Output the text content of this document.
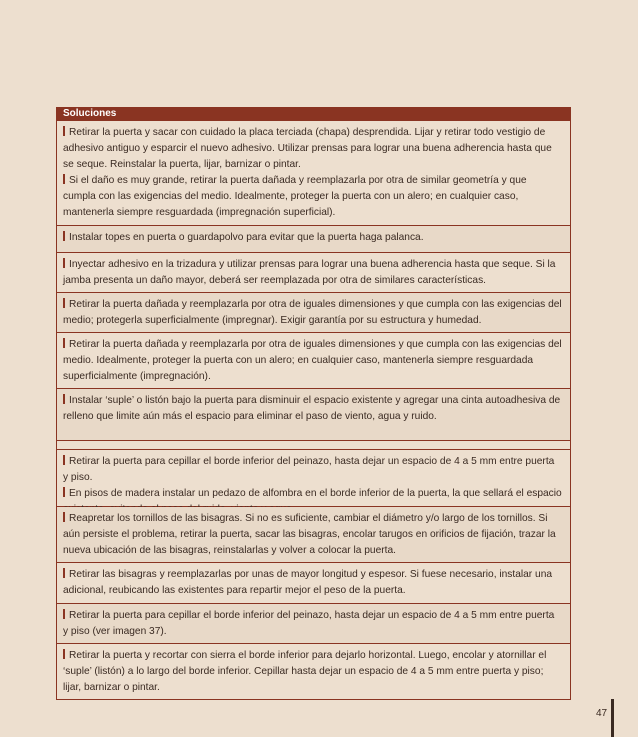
Soluciones

Retirar la puerta y sacar con cuidado la placa terciada (chapa) desprendida. Lijar y retirar todo vestigio de adhesivo antiguo y esparcir el nuevo adhesivo. Utilizar prensas para lograr una buena adherencia hasta que se seque. Reinstalar la puerta, lijar, barnizar o pintar.

Si el daño es muy grande, retirar la puerta dañada y reemplazarla por otra de similar geometría y que cumpla con las exigencias del medio. Idealmente, proteger la puerta con un alero; en cualquier caso, mantenerla siempre resguardada (impregnación superficial).

Instalar topes en puerta o guardapolvo para evitar que la puerta haga palanca.

Inyectar adhesivo en la trizadura y utilizar prensas para lograr una buena adherencia hasta que seque. Si la jamba presenta un daño mayor, deberá ser reemplazada por otra de similares características.

Retirar la puerta dañada y reemplazarla por otra de iguales dimensiones y que cumpla con las exigencias del medio; protegerla superficialmente (impregnar). Exigir garantía por su estructura y humedad.

Retirar la puerta dañada y reemplazarla por otra de iguales dimensiones y que cumpla con las exigencias del medio. Idealmente, proteger la puerta con un alero; en cualquier caso, mantenerla siempre resguardada superficialmente (impregnación).

Instalar ‘suple’ o listón bajo la puerta para disminuir el espacio existente y agregar una cinta autoadhesiva de relleno que limite aún más el espacio para eliminar el paso de viento, agua y ruido.

Retirar la puerta para cepillar el borde inferior del peinazo, hasta dejar un espacio de 4 a 5 mm entre puerta y piso.

En pisos de madera instalar un pedazo de alfombra en el borde inferior de la puerta, la que sellará el espacio

Reapretar los tornillos de las bisagras. Si no es suficiente, cambiar el diámetro y/o largo de los tornillos. Si aún persiste el problema, retirar la puerta, sacar las bisagras, encolar tarugos en orificios de fijación, trazar la nueva ubicación de las bisagras, reinstalarlas y volver a colocar la puerta.

Retirar las bisagras y reemplazarlas por unas de mayor longitud y espesor. Si fuese necesario, instalar una adicional, reubicando las existentes para repartir mejor el peso de la puerta.

Retirar la puerta para cepillar el borde inferior del peinazo, hasta dejar un espacio de 4 a 5 mm entre puerta y piso (ver imagen 37).

Retirar la puerta y recortar con sierra el borde inferior para dejarlo horizontal. Luego, encolar y atornillar el ‘suple’ (listón) a lo largo del borde inferior. Cepillar hasta dejar un espacio de 4 a 5 mm entre puerta y piso; lijar, barnizar o pintar.

47
